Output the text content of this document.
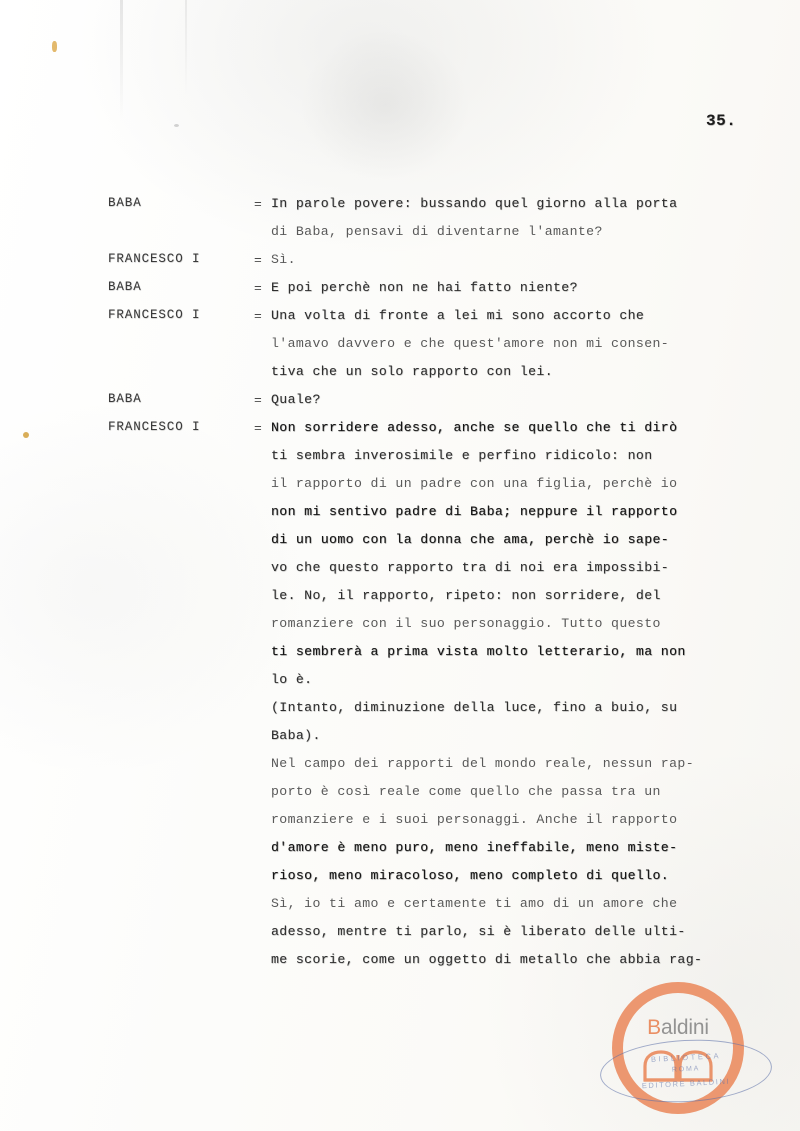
35.
BABA	= In parole povere: bussando quel giorno alla porta
di Baba, pensavi di diventarne l'amante?
FRANCESCO I	= Sì.
BABA	= E poi perchè non ne hai fatto niente?
FRANCESCO I	= Una volta di fronte a lei mi sono accorto che
l'amavo davvero e che quest'amore non mi consen-
tiva che un solo rapporto con lei.
BABA	= Quale?
FRANCESCO I	= Non sorridere adesso, anche se quello che ti dirò
ti sembra inverosimile e perfino ridicolo: non
il rapporto di un padre con una figlia, perchè io
non mi sentivo padre di Baba; neppure il rapporto
di un uomo con la donna che ama, perchè io sape-
vo che questo rapporto tra di noi era impossibi-
le. No, il rapporto, ripeto: non sorridere, del
romanziere con il suo personaggio. Tutto questo
ti sembrerà a prima vista molto letterario, ma non
lo è.
(Intanto, diminuzione della luce, fino a buio, su
Baba).
Nel campo dei rapporti del mondo reale, nessun rap-
porto è così reale come quello che passa tra un
romanziere e i suoi personaggi. Anche il rapporto
d'amore è meno puro, meno ineffabile, meno miste-
rioso, meno miracoloso, meno completo di quello.
Sì, io ti amo e certamente ti amo di un amore che
adesso, mentre ti parlo, si è liberato delle ulti-
me scorie, come un oggetto di metallo che abbia rag-
Baldini
BIBLIOTECA
ROMA
EDITORE BALDINI
